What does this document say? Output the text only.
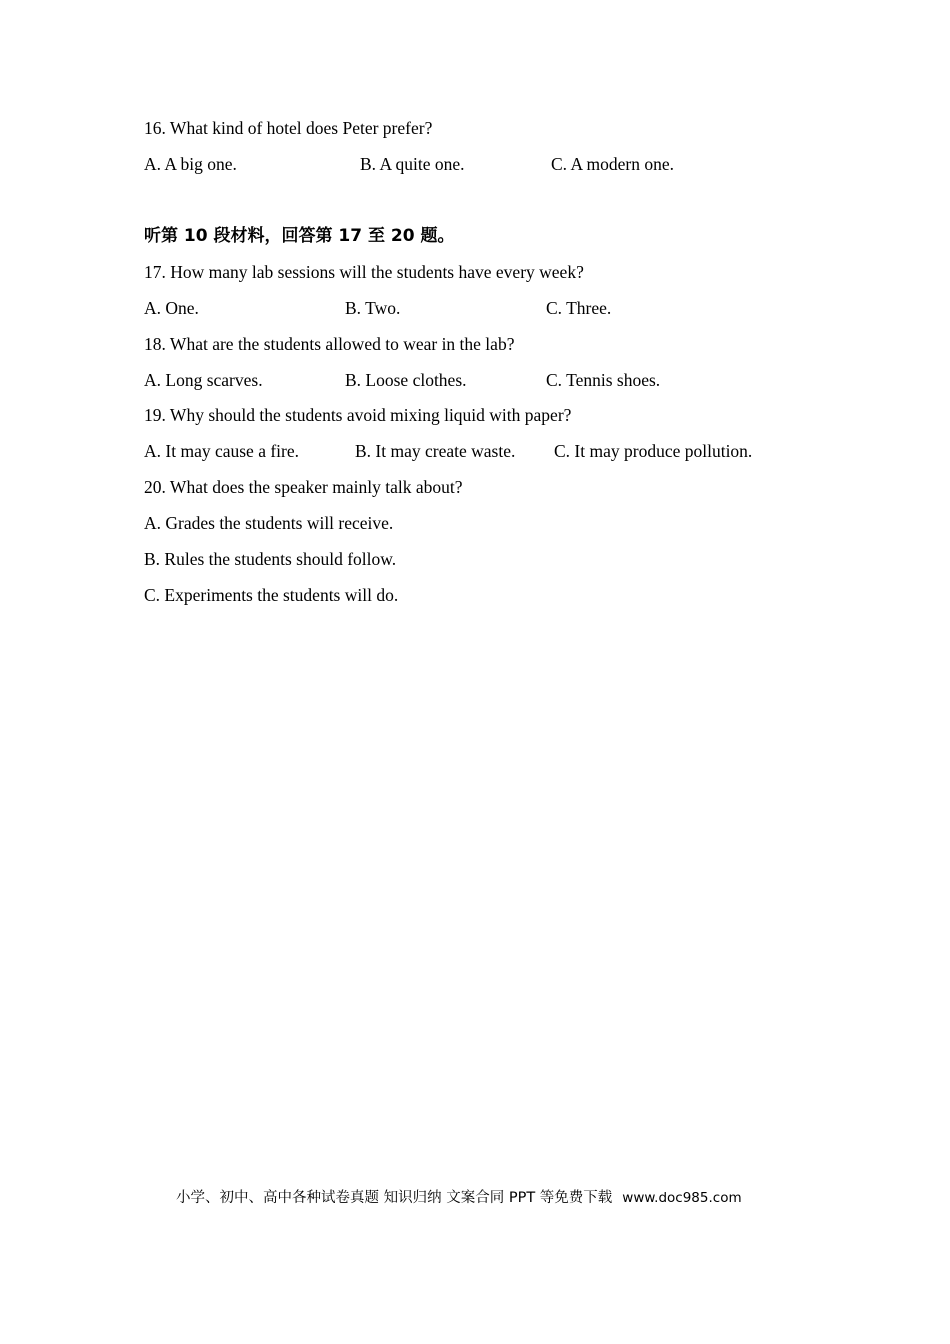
16. What kind of hotel does Peter prefer?
A. A big one.	B. A quite one.	C. A modern one.
听第 10 段材料，回答第 17 至 20 题。
17. How many lab sessions will the students have every week?
A. One.	B. Two.	C. Three.
18. What are the students allowed to wear in the lab?
A. Long scarves.	B. Loose clothes.	C. Tennis shoes.
19. Why should the students avoid mixing liquid with paper?
A. It may cause a fire.	B. It may create waste. C. It may produce pollution.
20. What does the speaker mainly talk about?
A. Grades the students will receive.
B. Rules the students should follow.
C. Experiments the students will do.
小学、初中、高中各种试卷真题 知识归纳 文案合同 PPT 等免费下载 www.doc985.com
